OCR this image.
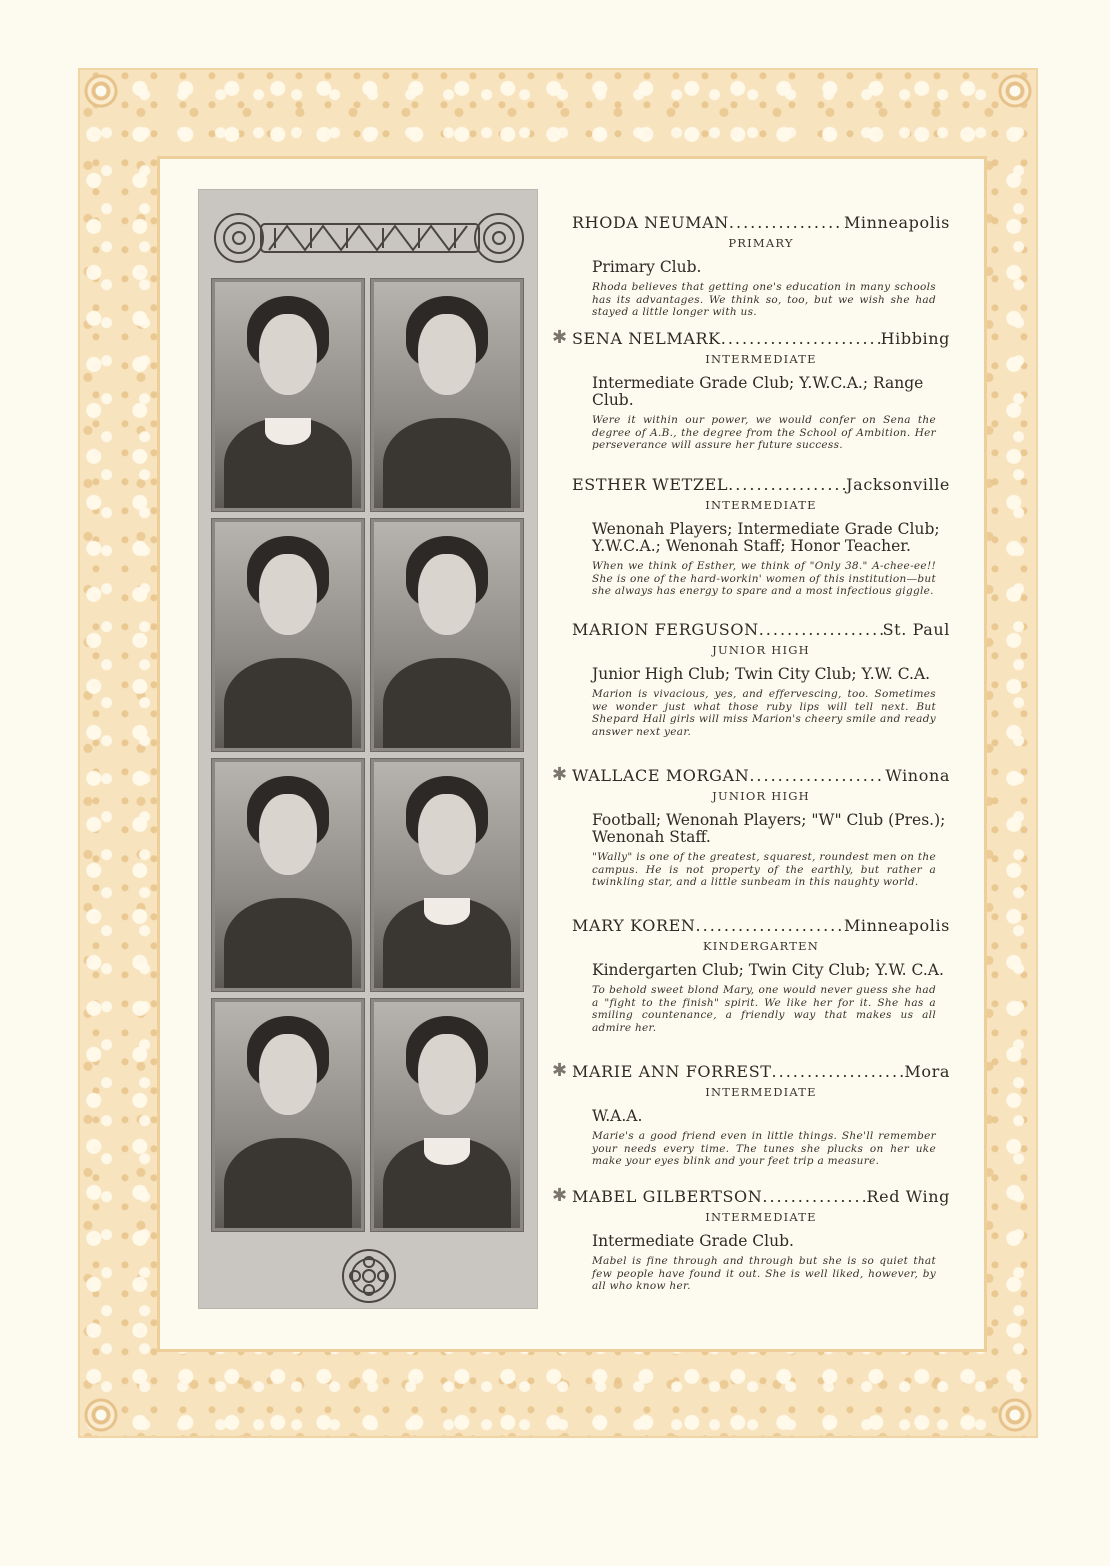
RHODA NEUMAN .....	Minneapolis
PRIMARY
Primary Club.
Rhoda believes that getting one's education in many schools has its advantages. We think so, too, but we wish she had stayed a little longer with us.
✱ SENA NELMARK .....	Hibbing
INTERMEDIATE
Intermediate Grade Club; Y.W.C.A.; Range Club.
Were it within our power, we would confer on Sena the degree of A.B., the degree from the School of Ambition. Her perseverance will assure her future success.
ESTHER WETZEL .....	Jacksonville
INTERMEDIATE
Wenonah Players; Intermediate Grade Club; Y.W.C.A.; Wenonah Staff; Honor Teacher.
When we think of Esther, we think of "Only 38." A-chee-ee!! She is one of the hard-workin' women of this institution—but she always has energy to spare and a most infectious giggle.
MARION FERGUSON .....	St. Paul
JUNIOR HIGH
Junior High Club; Twin City Club; Y.W. C.A.
Marion is vivacious, yes, and effervescing, too. Sometimes we wonder just what those ruby lips will tell next. But Shepard Hall girls will miss Marion's cheery smile and ready answer next year.
✱ WALLACE MORGAN .....	Winona
JUNIOR HIGH
Football; Wenonah Players; "W" Club (Pres.); Wenonah Staff.
"Wally" is one of the greatest, squarest, roundest men on the campus. He is not property of the earthly, but rather a twinkling star, and a little sunbeam in this naughty world.
MARY KOREN .....	Minneapolis
KINDERGARTEN
Kindergarten Club; Twin City Club; Y.W. C.A.
To behold sweet blond Mary, one would never guess she had a "fight to the finish" spirit. We like her for it. She has a smiling countenance, a friendly way that makes us all admire her.
✱ MARIE ANN FORREST .....	Mora
INTERMEDIATE
W.A.A.
Marie's a good friend even in little things. She'll remember your needs every time. The tunes she plucks on her uke make your eyes blink and your feet trip a measure.
✱ MABEL GILBERTSON .....	Red Wing
INTERMEDIATE
Intermediate Grade Club.
Mabel is fine through and through but she is so quiet that few people have found it out. She is well liked, however, by all who know her.
